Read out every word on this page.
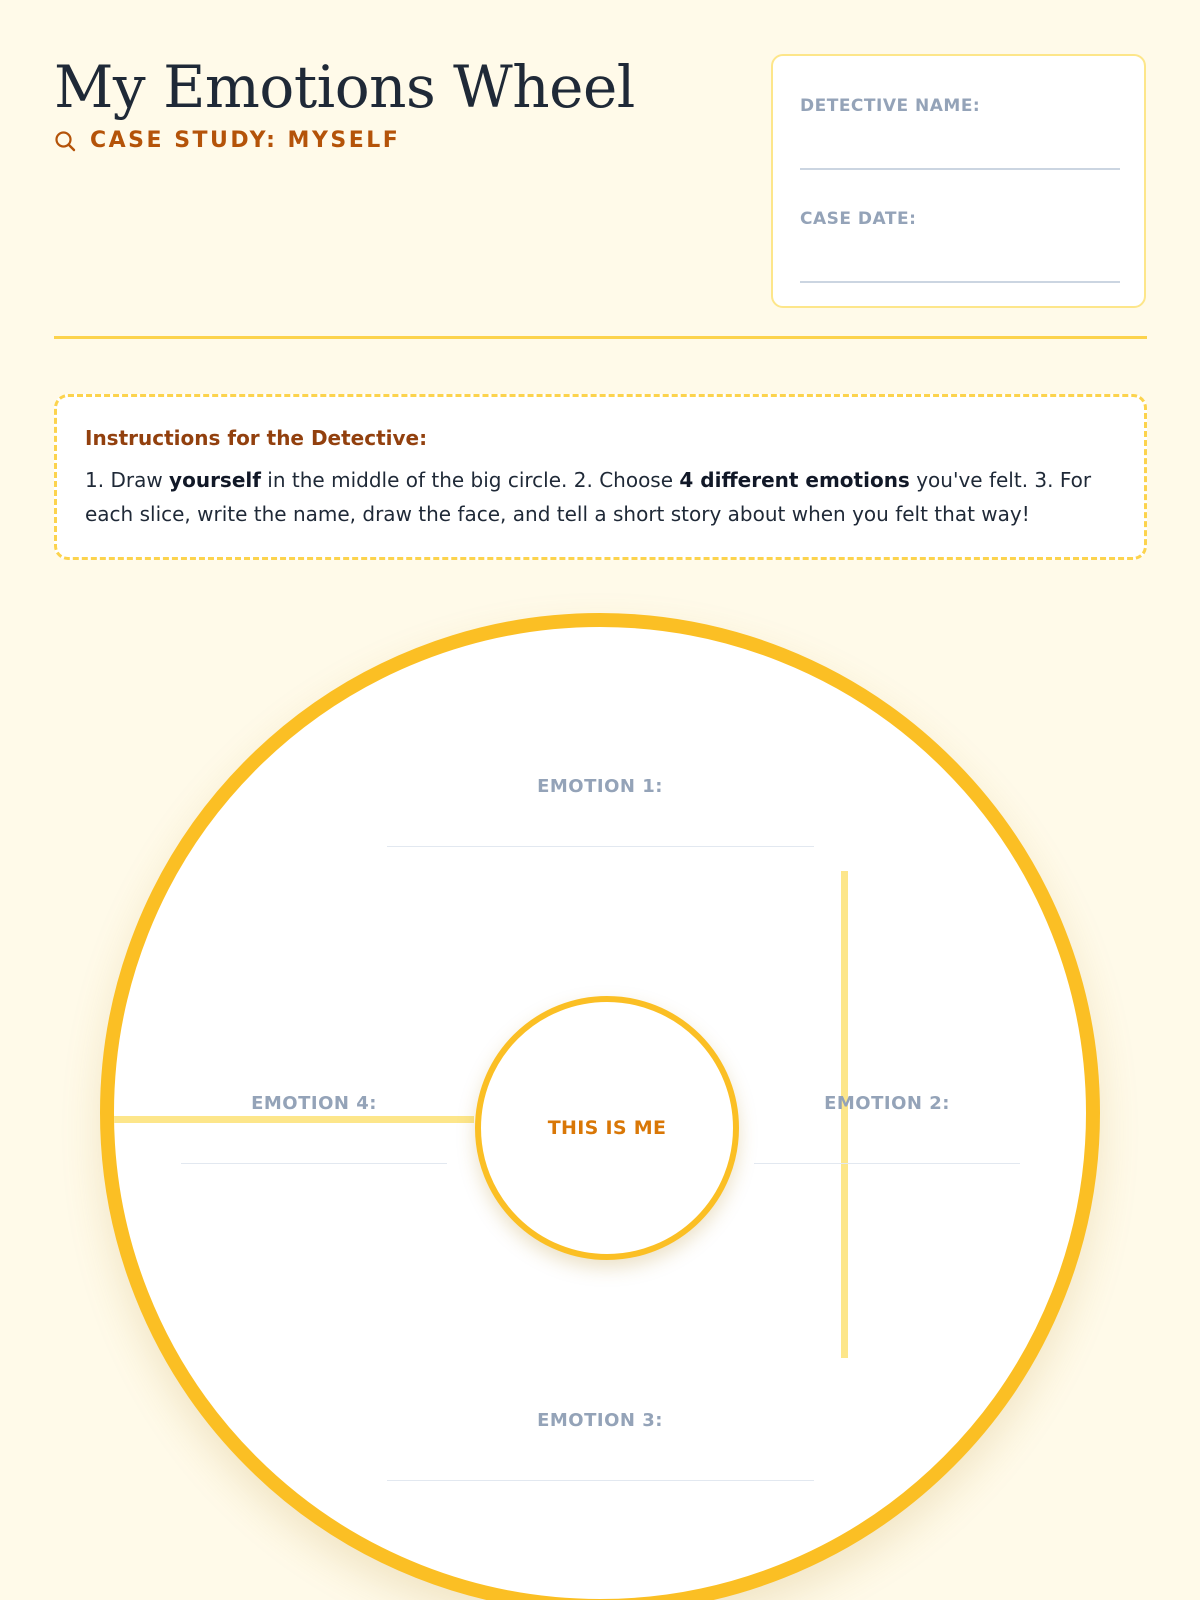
My Emotions Wheel
CASE STUDY: MYSELF
DETECTIVE NAME:
CASE DATE:

Instructions for the Detective:

1. Draw yourself in the middle of the big circle. 2. Choose 4 different emotions you've felt. 3. For each slice, write the name, draw the face, and tell a short story about when you felt that way!

EMOTION 1:
EMOTION 2:
EMOTION 3:
EMOTION 4:
THIS IS ME
